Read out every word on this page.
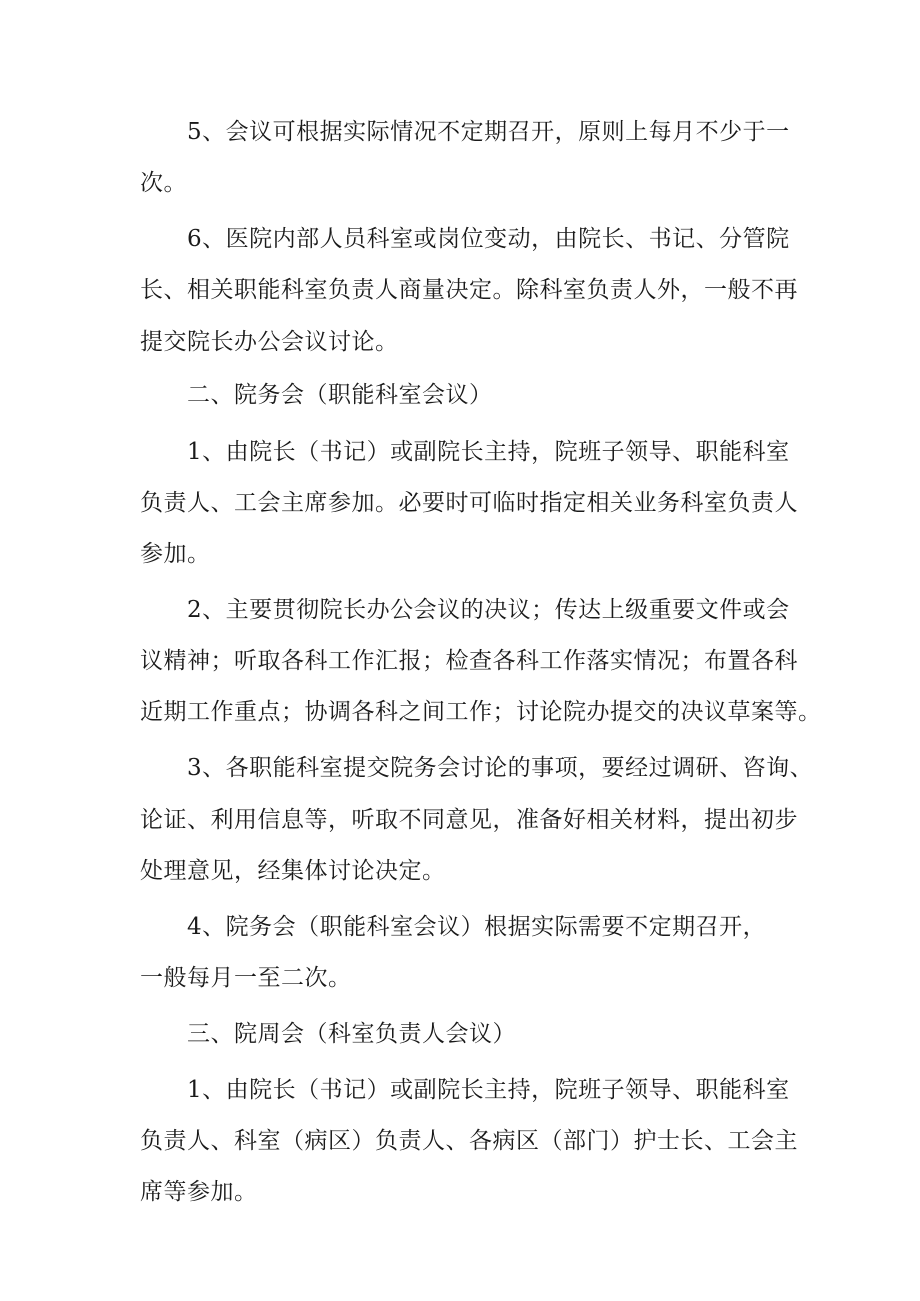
5、会议可根据实际情况不定期召开，原则上每月不少于一
次。
6、医院内部人员科室或岗位变动，由院长、书记、分管院
长、相关职能科室负责人商量决定。除科室负责人外，一般不再
提交院长办公会议讨论。
二、院务会（职能科室会议）
1、由院长（书记）或副院长主持，院班子领导、职能科室
负责人、工会主席参加。必要时可临时指定相关业务科室负责人
参加。
2、主要贯彻院长办公会议的决议；传达上级重要文件或会
议精神；听取各科工作汇报；检查各科工作落实情况；布置各科
近期工作重点；协调各科之间工作；讨论院办提交的决议草案等。
3、各职能科室提交院务会讨论的事项，要经过调研、咨询、
论证、利用信息等，听取不同意见，准备好相关材料，提出初步
处理意见，经集体讨论决定。
4、院务会（职能科室会议）根据实际需要不定期召开，
一般每月一至二次。
三、院周会（科室负责人会议）
1、由院长（书记）或副院长主持，院班子领导、职能科室
负责人、科室（病区）负责人、各病区（部门）护士长、工会主
席等参加。
